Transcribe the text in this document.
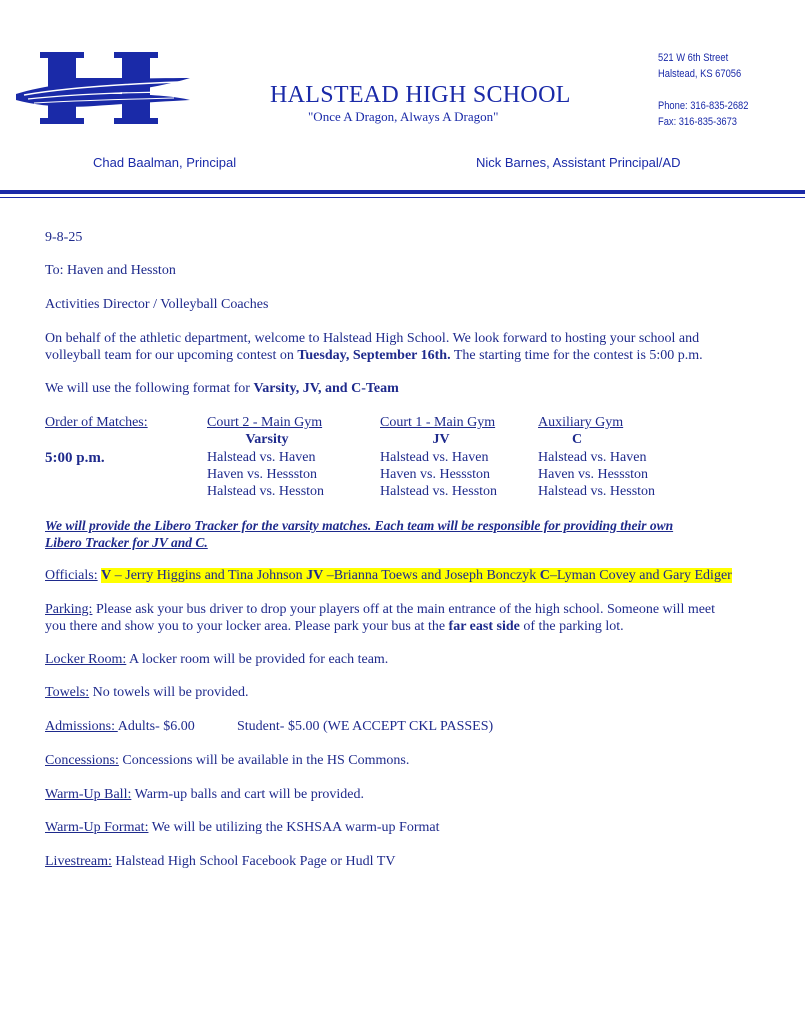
HALSTEAD HIGH SCHOOL
"Once A Dragon, Always A Dragon"
521 W 6th Street
Halstead, KS 67056
Phone: 316-835-2682
Fax: 316-835-3673
Chad Baalman, Principal	Nick Barnes, Assistant Principal/AD
9-8-25
To: Haven and Hesston
Activities Director / Volleyball Coaches
On behalf of the athletic department, welcome to Halstead High School. We look forward to hosting your school and
volleyball team for our upcoming contest on Tuesday, September 16th. The starting time for the contest is 5:00 p.m.
We will use the following format for Varsity, JV, and C-Team
Order of Matches:
5:00 p.m.
Court 2 - Main Gym
Varsity
Halstead vs. Haven
Haven vs. Hessston
Halstead vs. Hesston
Court 1 - Main Gym
JV
Halstead vs. Haven
Haven vs. Hessston
Halstead vs. Hesston
Auxiliary Gym
C
Halstead vs. Haven
Haven vs. Hessston
Halstead vs. Hesston
We will provide the Libero Tracker for the varsity matches. Each team will be responsible for providing their own
Libero Tracker for JV and C.
Officials: V – Jerry Higgins and Tina Johnson JV –Brianna Toews and Joseph Bonczyk C–Lyman Covey and Gary Ediger
Parking: Please ask your bus driver to drop your players off at the main entrance of the high school. Someone will meet
you there and show you to your locker area. Please park your bus at the far east side of the parking lot.
Locker Room: A locker room will be provided for each team.
Towels: No towels will be provided.
Admissions: Adults- $6.00	Student- $5.00 (WE ACCEPT CKL PASSES)
Concessions: Concessions will be available in the HS Commons.
Warm-Up Ball: Warm-up balls and cart will be provided.
Warm-Up Format: We will be utilizing the KSHSAA warm-up Format
Livestream: Halstead High School Facebook Page or Hudl TV
